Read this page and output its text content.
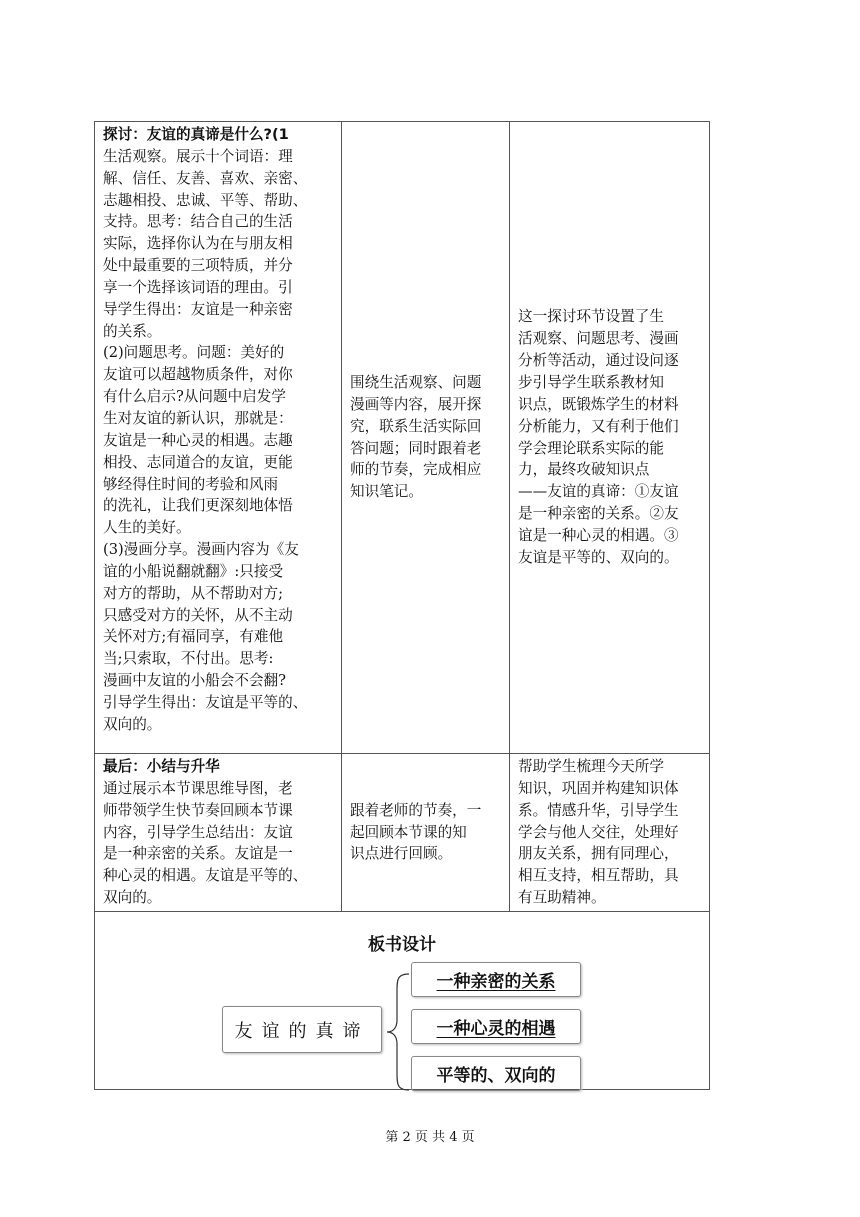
探讨：友谊的真谛是什么?(1
生活观察。展示十个词语：理
解、信任、友善、喜欢、亲密、
志趣相投、忠诚、平等、帮助、
支持。思考：结合自己的生活
实际，选择你认为在与朋友相
处中最重要的三项特质，并分
享一个选择该词语的理由。引
导学生得出：友谊是一种亲密
的关系。
(2)问题思考。问题：美好的
友谊可以超越物质条件，对你
有什么启示?从问题中启发学
生对友谊的新认识，那就是：
友谊是一种心灵的相遇。志趣
相投、志同道合的友谊，更能
够经得住时间的考验和风雨
的洗礼，让我们更深刻地体悟
人生的美好。
(3)漫画分享。漫画内容为《友
谊的小船说翻就翻》:只接受
对方的帮助，从不帮助对方;
只感受对方的关怀，从不主动
关怀对方;有福同享，有难他
当;只索取，不付出。思考:
漫画中友谊的小船会不会翻?
引导学生得出：友谊是平等的、
双向的。
围绕生活观察、问题
漫画等内容，展开探
究，联系生活实际回
答问题；同时跟着老
师的节奏，完成相应
知识笔记。
这一探讨环节设置了生
活观察、问题思考、漫画
分析等活动，通过设问逐
步引导学生联系教材知
识点，既锻炼学生的材料
分析能力，又有利于他们
学会理论联系实际的能
力，最终攻破知识点
——友谊的真谛：①友谊
是一种亲密的关系。②友
谊是一种心灵的相遇。③
友谊是平等的、双向的。
最后：小结与升华
通过展示本节课思维导图，老
师带领学生快节奏回顾本节课
内容，引导学生总结出：友谊
是一种亲密的关系。友谊是一
种心灵的相遇。友谊是平等的、
双向的。
跟着老师的节奏，一
起回顾本节课的知
识点进行回顾。
帮助学生梳理今天所学
知识，巩固并构建知识体
系。情感升华，引导学生
学会与他人交往，处理好
朋友关系，拥有同理心，
相互支持，相互帮助，具
有互助精神。
板书设计
友谊的真谛
一种亲密的关系
一种心灵的相遇
平等的、双向的
第 2 页 共 4 页
